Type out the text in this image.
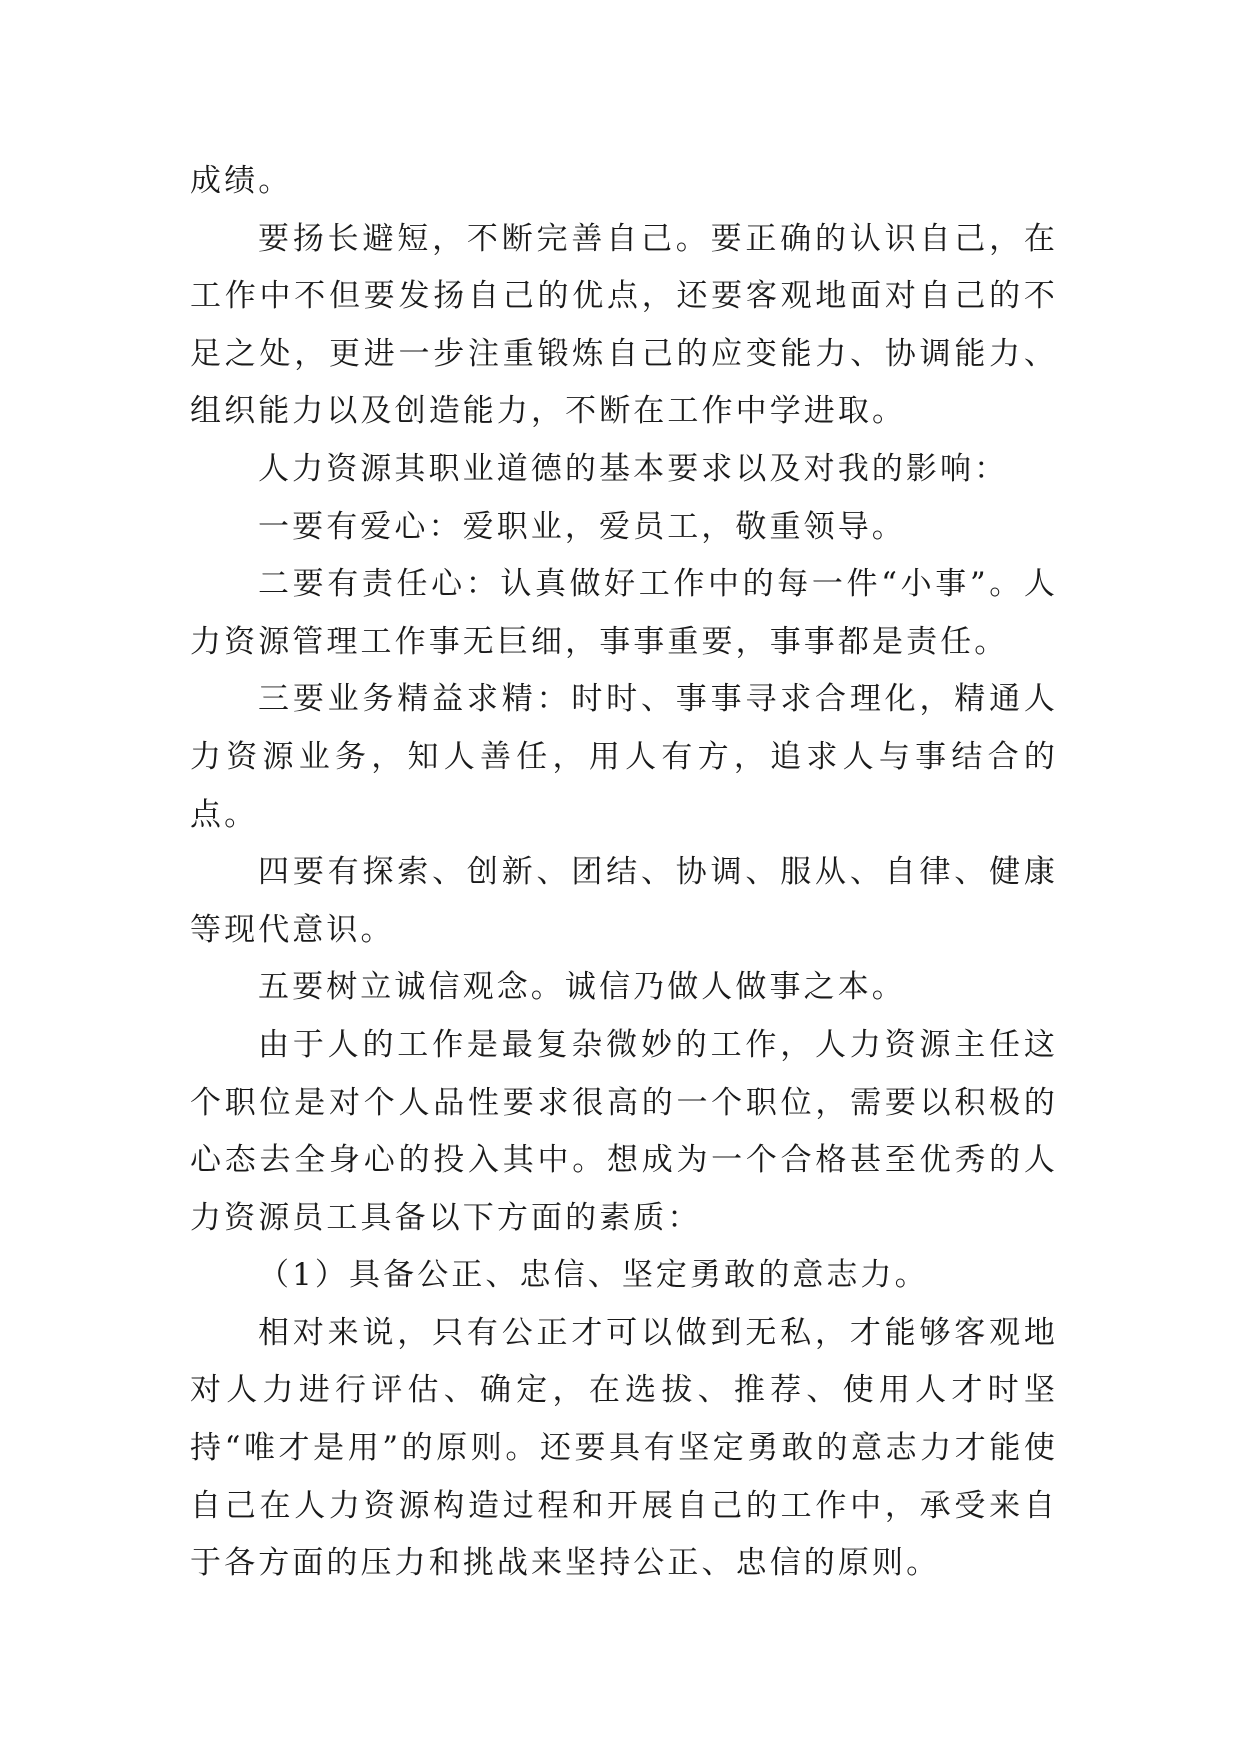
成绩。

要扬长避短，不断完善自己。要正确的认识自己，在工作中不但要发扬自己的优点，还要客观地面对自己的不足之处，更进一步注重锻炼自己的应变能力、协调能力、组织能力以及创造能力，不断在工作中学进取。

人力资源其职业道德的基本要求以及对我的影响：

一要有爱心：爱职业，爱员工，敬重领导。

二要有责任心：认真做好工作中的每一件“小事”。人力资源管理工作事无巨细，事事重要，事事都是责任。

三要业务精益求精：时时、事事寻求合理化，精通人力资源业务，知人善任，用人有方，追求人与事结合的点。

四要有探索、创新、团结、协调、服从、自律、健康等现代意识。

五要树立诚信观念。诚信乃做人做事之本。

由于人的工作是最复杂微妙的工作，人力资源主任这个职位是对个人品性要求很高的一个职位，需要以积极的心态去全身心的投入其中。想成为一个合格甚至优秀的人力资源员工具备以下方面的素质：

（1）具备公正、忠信、坚定勇敢的意志力。

相对来说，只有公正才可以做到无私，才能够客观地对人力进行评估、确定，在选拔、推荐、使用人才时坚持“唯才是用”的原则。还要具有坚定勇敢的意志力才能使自己在人力资源构造过程和开展自己的工作中，承受来自于各方面的压力和挑战来坚持公正、忠信的原则。
